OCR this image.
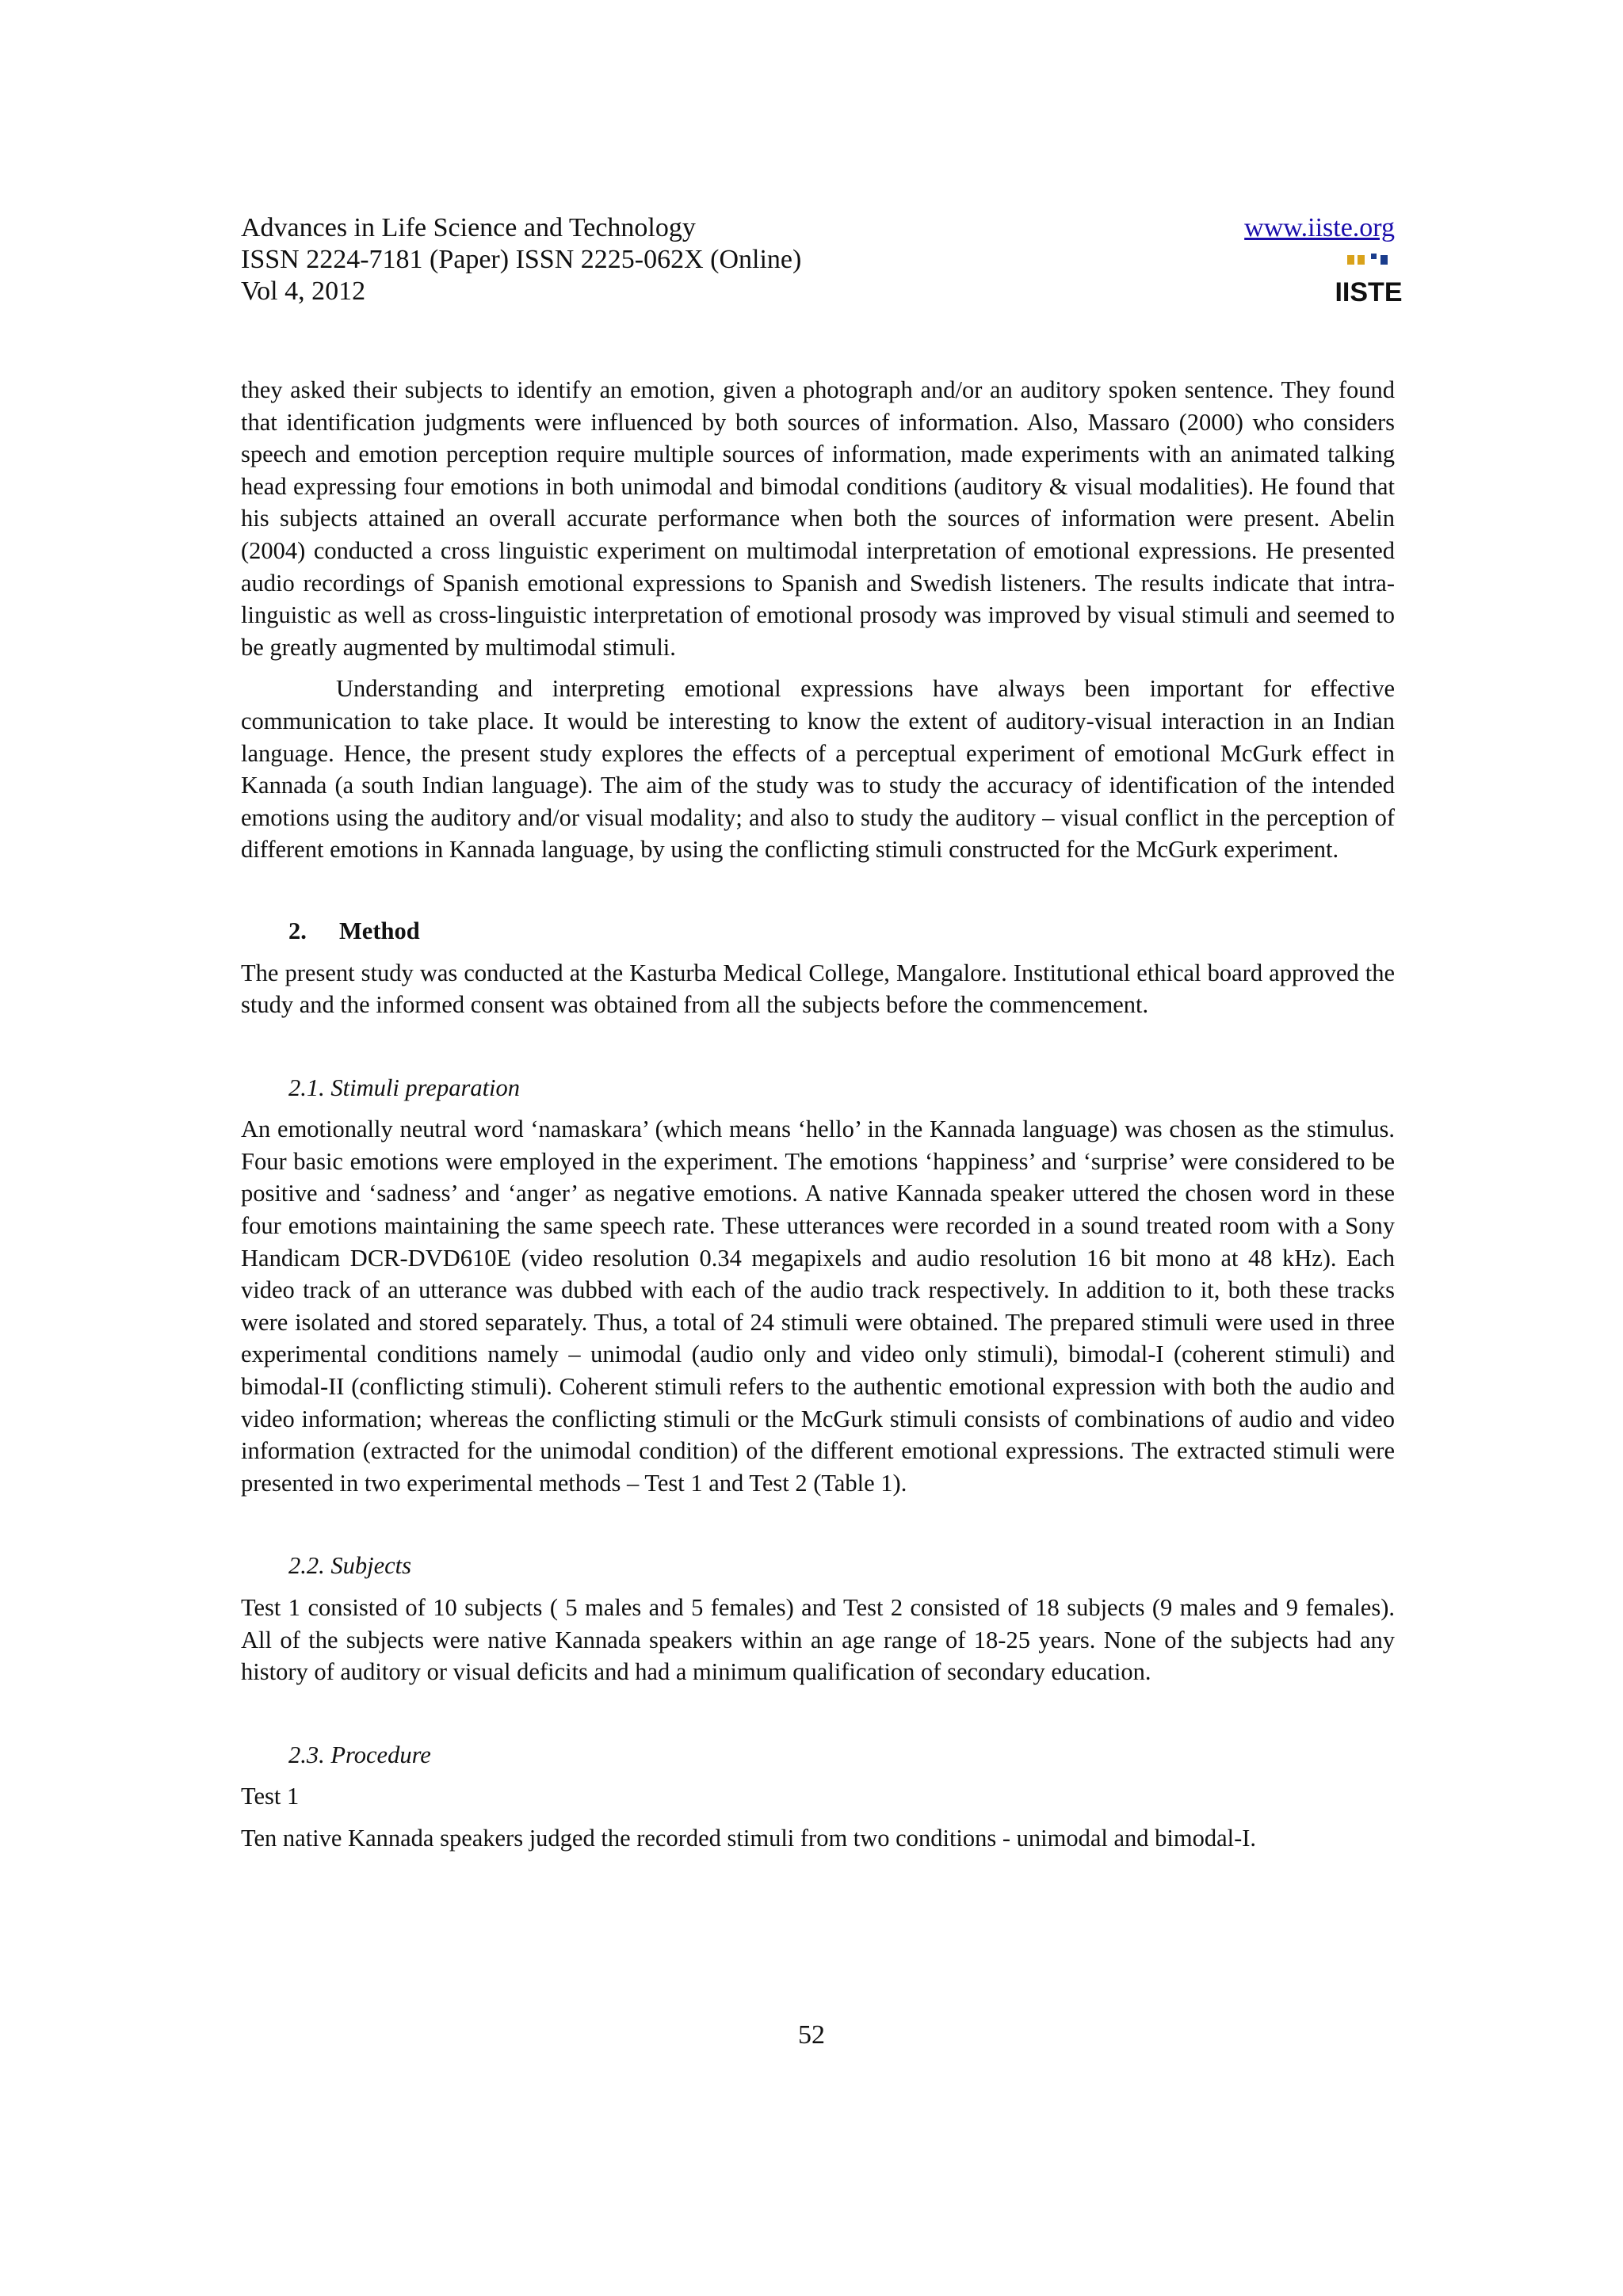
Advances in Life Science and Technology
ISSN 2224-7181 (Paper) ISSN 2225-062X (Online)
Vol 4, 2012
www.iiste.org
IISTE

they asked their subjects to identify an emotion, given a photograph and/or an auditory spoken sentence. They found that identification judgments were influenced by both sources of information. Also, Massaro (2000) who considers speech and emotion perception require multiple sources of information, made experiments with an animated talking head expressing four emotions in both unimodal and bimodal conditions (auditory & visual modalities). He found that his subjects attained an overall accurate performance when both the sources of information were present. Abelin (2004) conducted a cross linguistic experiment on multimodal interpretation of emotional expressions. He presented audio recordings of Spanish emotional expressions to Spanish and Swedish listeners. The results indicate that intra-linguistic as well as cross-linguistic interpretation of emotional prosody was improved by visual stimuli and seemed to be greatly augmented by multimodal stimuli.

Understanding and interpreting emotional expressions have always been important for effective communication to take place. It would be interesting to know the extent of auditory-visual interaction in an Indian language. Hence, the present study explores the effects of a perceptual experiment of emotional McGurk effect in Kannada (a south Indian language). The aim of the study was to study the accuracy of identification of the intended emotions using the auditory and/or visual modality; and also to study the auditory – visual conflict in the perception of different emotions in Kannada language, by using the conflicting stimuli constructed for the McGurk experiment.

2. Method

The present study was conducted at the Kasturba Medical College, Mangalore. Institutional ethical board approved the study and the informed consent was obtained from all the subjects before the commencement.

2.1. Stimuli preparation

An emotionally neutral word ‘namaskara’ (which means ‘hello’ in the Kannada language) was chosen as the stimulus. Four basic emotions were employed in the experiment. The emotions ‘happiness’ and ‘surprise’ were considered to be positive and ‘sadness’ and ‘anger’ as negative emotions. A native Kannada speaker uttered the chosen word in these four emotions maintaining the same speech rate. These utterances were recorded in a sound treated room with a Sony Handicam DCR-DVD610E (video resolution 0.34 megapixels and audio resolution 16 bit mono at 48 kHz). Each video track of an utterance was dubbed with each of the audio track respectively. In addition to it, both these tracks were isolated and stored separately. Thus, a total of 24 stimuli were obtained. The prepared stimuli were used in three experimental conditions namely – unimodal (audio only and video only stimuli), bimodal-I (coherent stimuli) and bimodal-II (conflicting stimuli). Coherent stimuli refers to the authentic emotional expression with both the audio and video information; whereas the conflicting stimuli or the McGurk stimuli consists of combinations of audio and video information (extracted for the unimodal condition) of the different emotional expressions. The extracted stimuli were presented in two experimental methods – Test 1 and Test 2 (Table 1).

2.2. Subjects

Test 1 consisted of 10 subjects ( 5 males and 5 females) and Test 2 consisted of 18 subjects (9 males and 9 females). All of the subjects were native Kannada speakers within an age range of 18-25 years. None of the subjects had any history of auditory or visual deficits and had a minimum qualification of secondary education.

2.3. Procedure

Test 1

Ten native Kannada speakers judged the recorded stimuli from two conditions - unimodal and bimodal-I.

52
